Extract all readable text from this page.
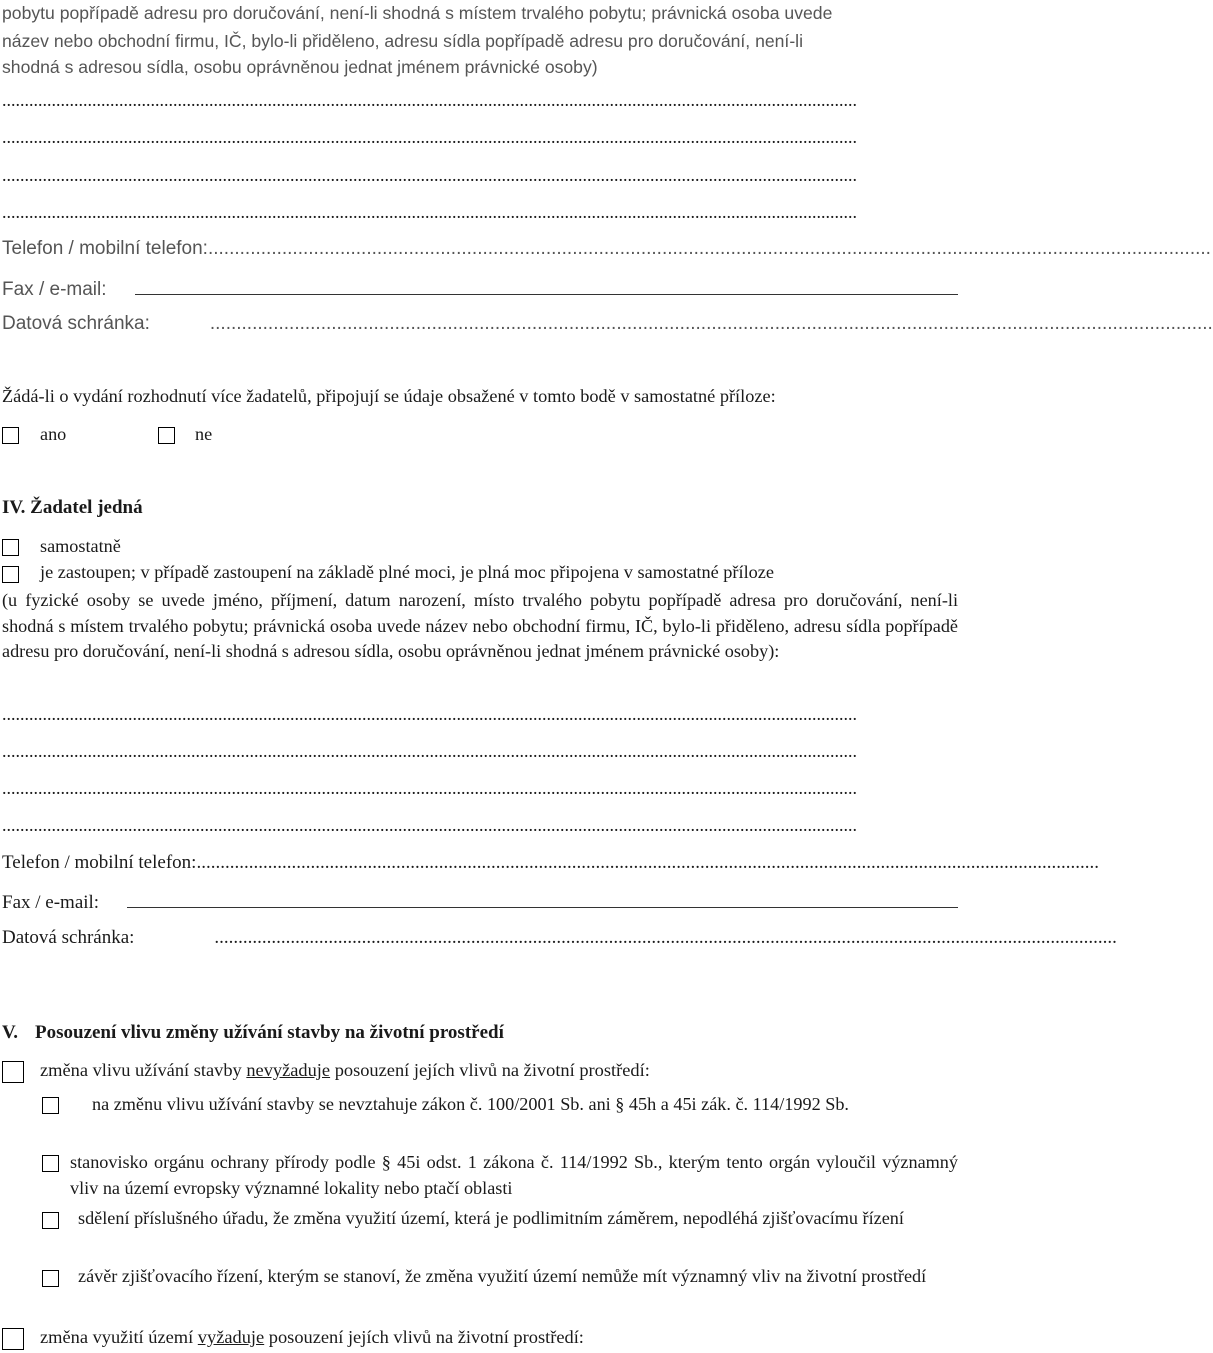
pobytu popřípadě adresu pro doručování, není-li shodná s místem trvalého pobytu; právnická osoba uvede
název nebo obchodní firmu, IČ, bylo-li přiděleno, adresu sídla popřípadě adresu pro doručování, není-li
shodná s adresou sídla, osobu oprávněnou jednat jménem právnické osoby)
..............................................................................................................................................................................................
..............................................................................................................................................................................................
..............................................................................................................................................................................................
..............................................................................................................................................................................................
Telefon / mobilní telefon: ..............................................................................................................................................................................................
Fax / e-mail:
Datová schránka:	..............................................................................................................................................................................................
Žádá-li o vydání rozhodnutí více žadatelů, připojují se údaje obsažené v tomto bodě v samostatné příloze:
ano	ne
IV. Žadatel jedná
samostatně
je zastoupen; v případě zastoupení na základě plné moci, je plná moc připojena v samostatné příloze
(u fyzické osoby se uvede jméno, příjmení, datum narození, místo trvalého pobytu popřípadě adresa pro doručování, není-li shodná s místem trvalého pobytu; právnická osoba uvede název nebo obchodní firmu, IČ, bylo-li přiděleno, adresu sídla popřípadě adresu pro doručování, není-li shodná s adresou sídla, osobu oprávněnou jednat jménem právnické osoby):
..............................................................................................................................................................................................
..............................................................................................................................................................................................
..............................................................................................................................................................................................
..............................................................................................................................................................................................
Telefon / mobilní telefon: ..............................................................................................................................................................................................
Fax / e-mail:
Datová schránka:	..............................................................................................................................................................................................
V. Posouzení vlivu změny užívání stavby na životní prostředí
změna vlivu užívání stavby nevyžaduje posouzení jejích vlivů na životní prostředí:
na změnu vlivu užívání stavby se nevztahuje zákon č. 100/2001 Sb. ani § 45h a 45i zák. č. 114/1992 Sb.
stanovisko orgánu ochrany přírody podle § 45i odst. 1 zákona č. 114/1992 Sb., kterým tento orgán vyloučil významný vliv na území evropsky významné lokality nebo ptačí oblasti
sdělení příslušného úřadu, že změna využití území, která je podlimitním záměrem, nepodléhá zjišťovacímu řízení
závěr zjišťovacího řízení, kterým se stanoví, že změna využití území nemůže mít významný vliv na životní prostředí
změna využití území vyžaduje posouzení jejích vlivů na životní prostředí:
